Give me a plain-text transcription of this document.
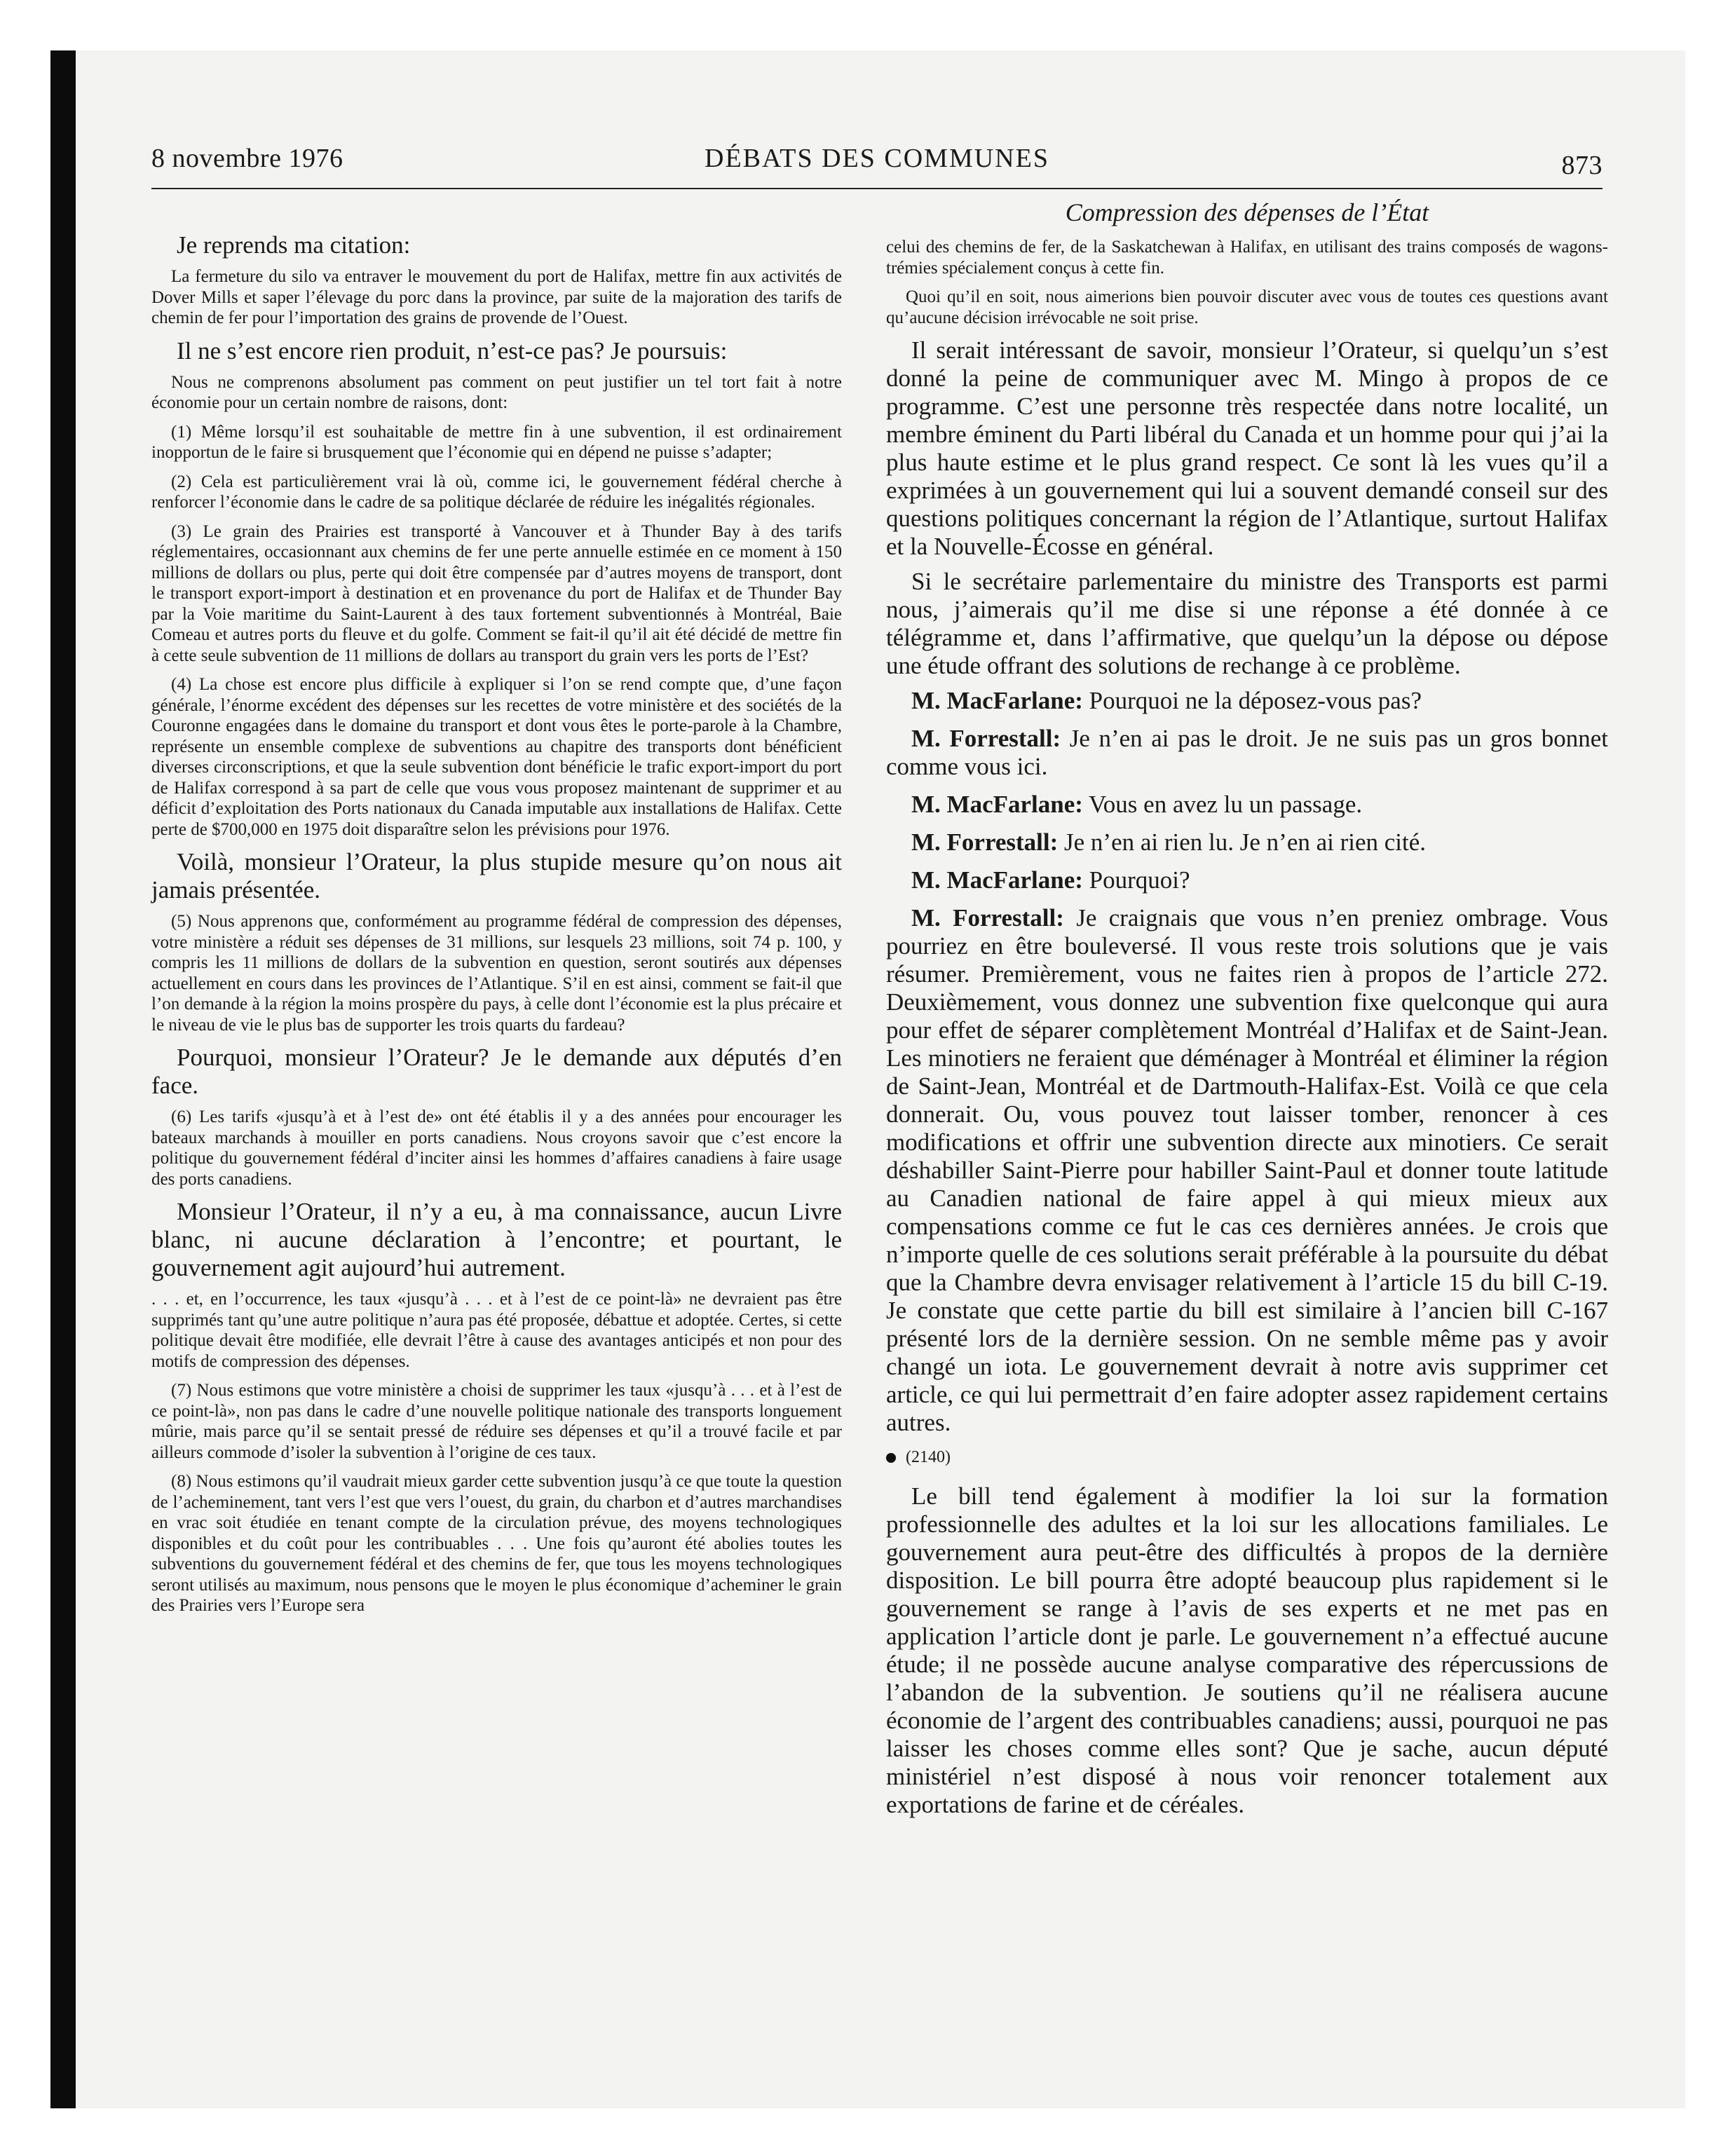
8 novembre 1976	DÉBATS DES COMMUNES	873

Je reprends ma citation:

La fermeture du silo va entraver le mouvement du port de Halifax, mettre fin aux activités de Dover Mills et saper l’élevage du porc dans la province, par suite de la majoration des tarifs de chemin de fer pour l’importation des grains de provende de l’Ouest.

Il ne s’est encore rien produit, n’est-ce pas? Je poursuis:

Nous ne comprenons absolument pas comment on peut justifier un tel tort fait à notre économie pour un certain nombre de raisons, dont:

(1) Même lorsqu’il est souhaitable de mettre fin à une subvention, il est ordinairement inopportun de le faire si brusquement que l’économie qui en dépend ne puisse s’adapter;

(2) Cela est particulièrement vrai là où, comme ici, le gouvernement fédéral cherche à renforcer l’économie dans le cadre de sa politique déclarée de réduire les inégalités régionales.

(3) Le grain des Prairies est transporté à Vancouver et à Thunder Bay à des tarifs réglementaires, occasionnant aux chemins de fer une perte annuelle estimée en ce moment à 150 millions de dollars ou plus, perte qui doit être compensée par d’autres moyens de transport, dont le transport export-import à destination et en provenance du port de Halifax et de Thunder Bay par la Voie maritime du Saint-Laurent à des taux fortement subventionnés à Montréal, Baie Comeau et autres ports du fleuve et du golfe. Comment se fait-il qu’il ait été décidé de mettre fin à cette seule subvention de 11 millions de dollars au transport du grain vers les ports de l’Est?

(4) La chose est encore plus difficile à expliquer si l’on se rend compte que, d’une façon générale, l’énorme excédent des dépenses sur les recettes de votre ministère et des sociétés de la Couronne engagées dans le domaine du transport et dont vous êtes le porte-parole à la Chambre, représente un ensemble complexe de subventions au chapitre des transports dont bénéficient diverses circonscriptions, et que la seule subvention dont bénéficie le trafic export-import du port de Halifax correspond à sa part de celle que vous vous proposez maintenant de supprimer et au déficit d’exploitation des Ports nationaux du Canada imputable aux installations de Halifax. Cette perte de $700,000 en 1975 doit disparaître selon les prévisions pour 1976.

Voilà, monsieur l’Orateur, la plus stupide mesure qu’on nous ait jamais présentée.

(5) Nous apprenons que, conformément au programme fédéral de compression des dépenses, votre ministère a réduit ses dépenses de 31 millions, sur lesquels 23 millions, soit 74 p. 100, y compris les 11 millions de dollars de la subvention en question, seront soutirés aux dépenses actuellement en cours dans les provinces de l’Atlantique. S’il en est ainsi, comment se fait-il que l’on demande à la région la moins prospère du pays, à celle dont l’économie est la plus précaire et le niveau de vie le plus bas de supporter les trois quarts du fardeau?

Pourquoi, monsieur l’Orateur? Je le demande aux députés d’en face.

(6) Les tarifs «jusqu’à et à l’est de» ont été établis il y a des années pour encourager les bateaux marchands à mouiller en ports canadiens. Nous croyons savoir que c’est encore la politique du gouvernement fédéral d’inciter ainsi les hommes d’affaires canadiens à faire usage des ports canadiens.

Monsieur l’Orateur, il n’y a eu, à ma connaissance, aucun Livre blanc, ni aucune déclaration à l’encontre; et pourtant, le gouvernement agit aujourd’hui autrement.

. . . et, en l’occurrence, les taux «jusqu’à . . . et à l’est de ce point-là» ne devraient pas être supprimés tant qu’une autre politique n’aura pas été proposée, débattue et adoptée. Certes, si cette politique devait être modifiée, elle devrait l’être à cause des avantages anticipés et non pour des motifs de compression des dépenses.

(7) Nous estimons que votre ministère a choisi de supprimer les taux «jusqu’à . . . et à l’est de ce point-là», non pas dans le cadre d’une nouvelle politique nationale des transports longuement mûrie, mais parce qu’il se sentait pressé de réduire ses dépenses et qu’il a trouvé facile et par ailleurs commode d’isoler la subvention à l’origine de ces taux.

(8) Nous estimons qu’il vaudrait mieux garder cette subvention jusqu’à ce que toute la question de l’acheminement, tant vers l’est que vers l’ouest, du grain, du charbon et d’autres marchandises en vrac soit étudiée en tenant compte de la circulation prévue, des moyens technologiques disponibles et du coût pour les contribuables . . . Une fois qu’auront été abolies toutes les subventions du gouvernement fédéral et des chemins de fer, que tous les moyens technologiques seront utilisés au maximum, nous pensons que le moyen le plus économique d’acheminer le grain des Prairies vers l’Europe sera

Compression des dépenses de l’État

celui des chemins de fer, de la Saskatchewan à Halifax, en utilisant des trains composés de wagons-trémies spécialement conçus à cette fin.

Quoi qu’il en soit, nous aimerions bien pouvoir discuter avec vous de toutes ces questions avant qu’aucune décision irrévocable ne soit prise.

Il serait intéressant de savoir, monsieur l’Orateur, si quelqu’un s’est donné la peine de communiquer avec M. Mingo à propos de ce programme. C’est une personne très respectée dans notre localité, un membre éminent du Parti libéral du Canada et un homme pour qui j’ai la plus haute estime et le plus grand respect. Ce sont là les vues qu’il a exprimées à un gouvernement qui lui a souvent demandé conseil sur des questions politiques concernant la région de l’Atlantique, surtout Halifax et la Nouvelle-Écosse en général.

Si le secrétaire parlementaire du ministre des Transports est parmi nous, j’aimerais qu’il me dise si une réponse a été donnée à ce télégramme et, dans l’affirmative, que quelqu’un la dépose ou dépose une étude offrant des solutions de rechange à ce problème.

M. MacFarlane: Pourquoi ne la déposez-vous pas?

M. Forrestall: Je n’en ai pas le droit. Je ne suis pas un gros bonnet comme vous ici.

M. MacFarlane: Vous en avez lu un passage.

M. Forrestall: Je n’en ai rien lu. Je n’en ai rien cité.

M. MacFarlane: Pourquoi?

M. Forrestall: Je craignais que vous n’en preniez ombrage. Vous pourriez en être bouleversé. Il vous reste trois solutions que je vais résumer. Premièrement, vous ne faites rien à propos de l’article 272. Deuxièmement, vous donnez une subvention fixe quelconque qui aura pour effet de séparer complètement Montréal d’Halifax et de Saint-Jean. Les minotiers ne feraient que déménager à Montréal et éliminer la région de Saint-Jean, Montréal et de Dartmouth-Halifax-Est. Voilà ce que cela donnerait. Ou, vous pouvez tout laisser tomber, renoncer à ces modifications et offrir une subvention directe aux minotiers. Ce serait déshabiller Saint-Pierre pour habiller Saint-Paul et donner toute latitude au Canadien national de faire appel à qui mieux mieux aux compensations comme ce fut le cas ces dernières années. Je crois que n’importe quelle de ces solutions serait préférable à la poursuite du débat que la Chambre devra envisager relativement à l’article 15 du bill C-19. Je constate que cette partie du bill est similaire à l’ancien bill C-167 présenté lors de la dernière session. On ne semble même pas y avoir changé un iota. Le gouvernement devrait à notre avis supprimer cet article, ce qui lui permettrait d’en faire adopter assez rapidement certains autres.

(2140)

Le bill tend également à modifier la loi sur la formation professionnelle des adultes et la loi sur les allocations familiales. Le gouvernement aura peut-être des difficultés à propos de la dernière disposition. Le bill pourra être adopté beaucoup plus rapidement si le gouvernement se range à l’avis de ses experts et ne met pas en application l’article dont je parle. Le gouvernement n’a effectué aucune étude; il ne possède aucune analyse comparative des répercussions de l’abandon de la subvention. Je soutiens qu’il ne réalisera aucune économie de l’argent des contribuables canadiens; aussi, pourquoi ne pas laisser les choses comme elles sont? Que je sache, aucun député ministériel n’est disposé à nous voir renoncer totalement aux exportations de farine et de céréales.
